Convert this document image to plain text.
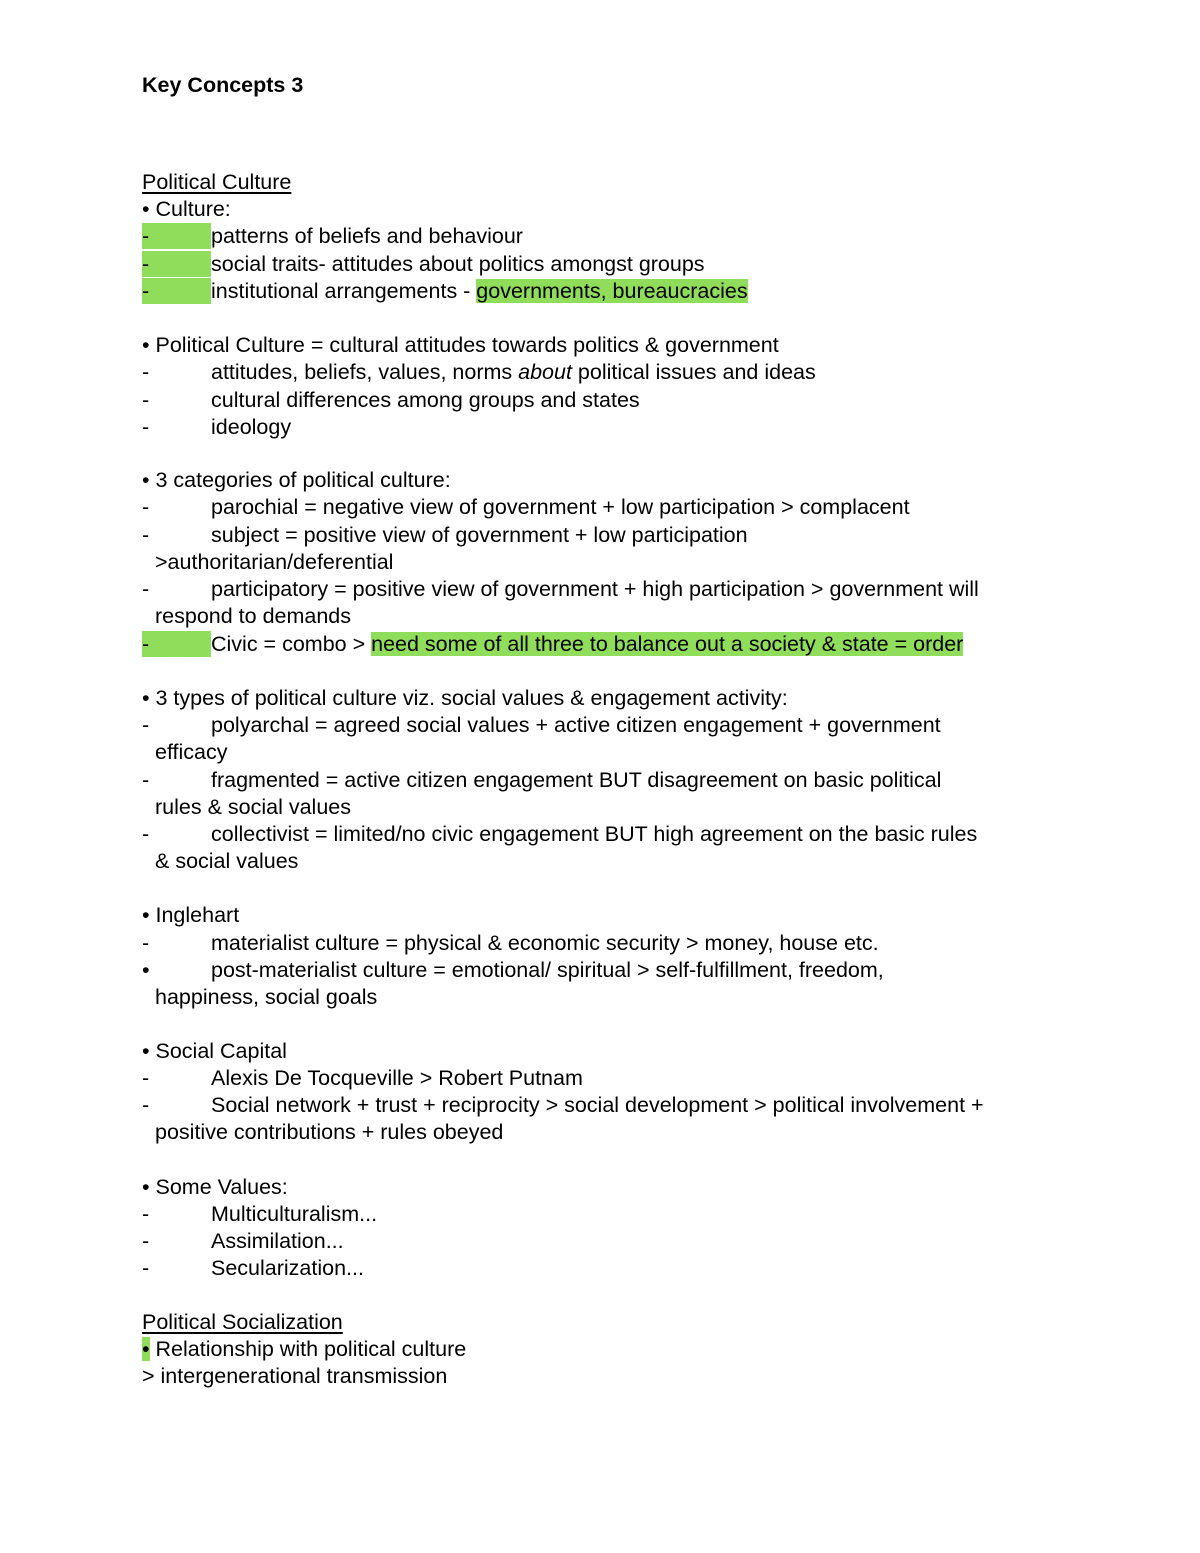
Key Concepts 3
Political Culture
• Culture:
-	patterns of beliefs and behaviour
-	social traits- attitudes about politics amongst groups
-	institutional arrangements - governments, bureaucracies
• Political Culture = cultural attitudes towards politics & government
-	attitudes, beliefs, values, norms about political issues and ideas
-	cultural differences among groups and states
-	ideology
• 3 categories of political culture:
-	parochial = negative view of government + low participation > complacent
-	subject = positive view of government + low participation
>authoritarian/deferential
-	participatory = positive view of government + high participation > government will
respond to demands
-	Civic = combo > need some of all three to balance out a society & state = order
• 3 types of political culture viz. social values & engagement activity:
-	polyarchal = agreed social values + active citizen engagement + government
efficacy
-	fragmented = active citizen engagement BUT disagreement on basic political
rules & social values
-	collectivist = limited/no civic engagement BUT high agreement on the basic rules
& social values
• Inglehart
-	materialist culture = physical & economic security > money, house etc.
•	post-materialist culture = emotional/ spiritual > self-fulfillment, freedom,
happiness, social goals
• Social Capital
-	Alexis De Tocqueville > Robert Putnam
-	Social network + trust + reciprocity > social development > political involvement +
positive contributions + rules obeyed
• Some Values:
-	Multiculturalism...
-	Assimilation...
-	Secularization...
Political Socialization
• Relationship with political culture
> intergenerational transmission
